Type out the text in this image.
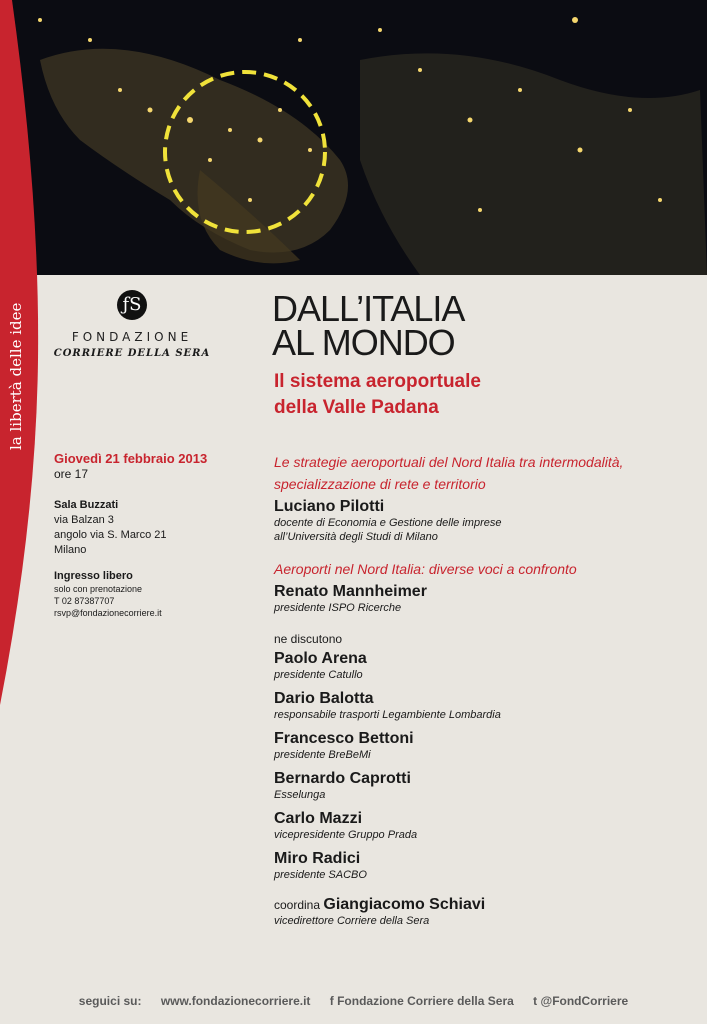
la libertà delle idee	ƒS
FONDAZIONE
CORRIERE DELLA SERA
DALL’ITALIA
AL MONDO
Il sistema aeroportuale
della Valle Padana
Giovedì 21 febbraio 2013
ore 17
Sala Buzzati
via Balzan 3
angolo via S. Marco 21
Milano
Ingresso libero
solo con prenotazione
T 02 87387707
rsvp@fondazionecorriere.it
Le strategie aeroportuali del Nord Italia tra intermodalità, specializzazione di rete e territorio
Luciano Pilotti
docente di Economia e Gestione delle imprese
all’Università degli Studi di Milano
Aeroporti nel Nord Italia: diverse voci a confronto
Renato Mannheimer
presidente ISPO Ricerche
ne discutono
Paolo Arena
presidente Catullo
Dario Balotta
responsabile trasporti Legambiente Lombardia
Francesco Bettoni
presidente BreBeMi
Bernardo Caprotti
Esselunga
Carlo Mazzi
vicepresidente Gruppo Prada
Miro Radici
presidente SACBO
coordina Giangiacomo Schiavi
vicedirettore Corriere della Sera
seguici su: www.fondazionecorriere.it f Fondazione Corriere della Sera t @FondCorriere
